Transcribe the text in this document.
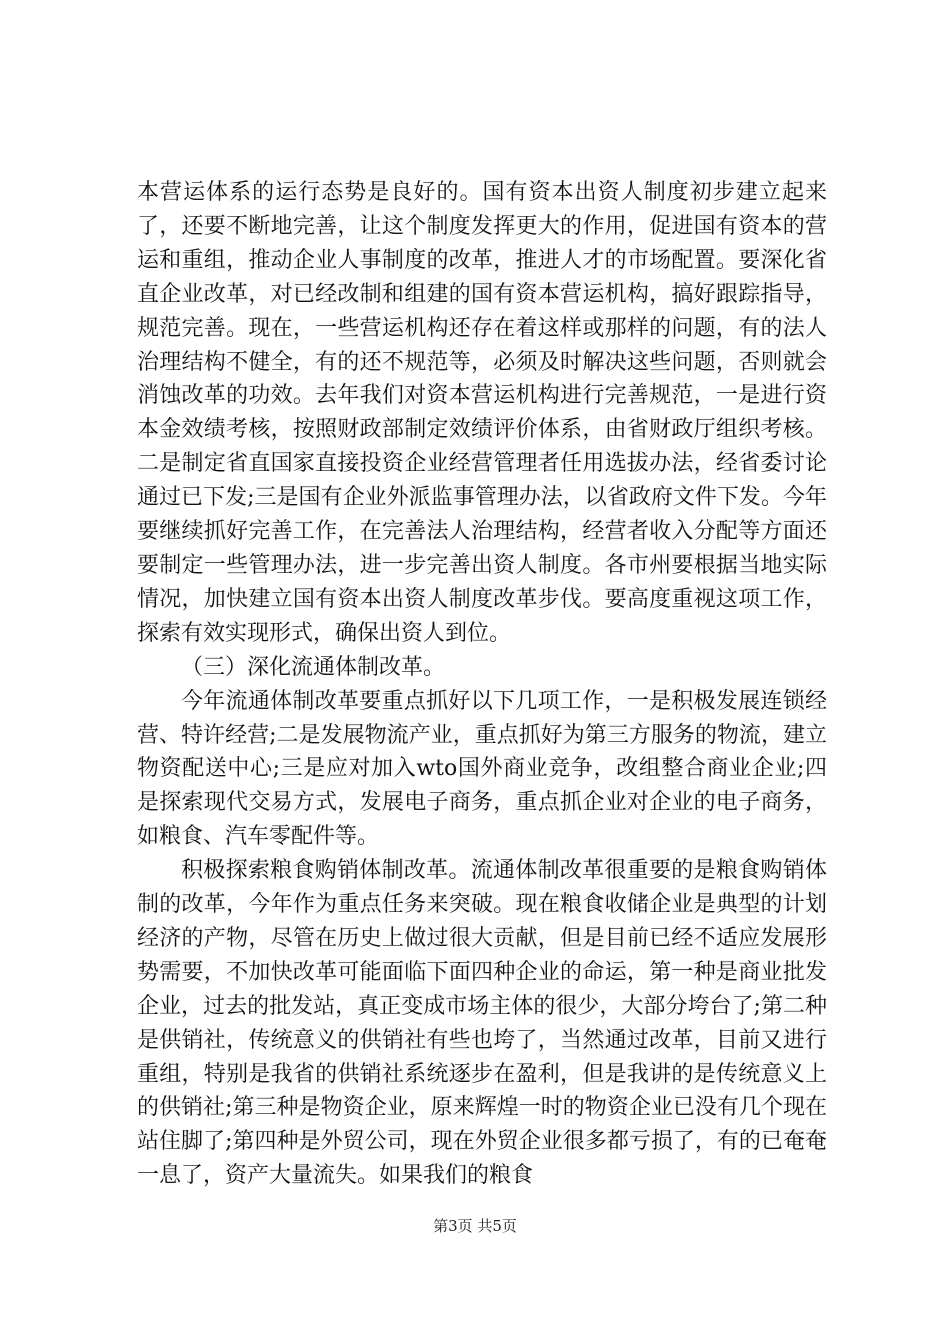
本营运体系的运行态势是良好的。国有资本出资人制度初步建立起来了，还要不断地完善，让这个制度发挥更大的作用，促进国有资本的营运和重组，推动企业人事制度的改革，推进人才的市场配置。要深化省直企业改革，对已经改制和组建的国有资本营运机构，搞好跟踪指导，规范完善。现在，一些营运机构还存在着这样或那样的问题，有的法人治理结构不健全，有的还不规范等，必须及时解决这些问题，否则就会消蚀改革的功效。去年我们对资本营运机构进行完善规范，一是进行资本金效绩考核，按照财政部制定效绩评价体系，由省财政厅组织考核。二是制定省直国家直接投资企业经营管理者任用选拔办法，经省委讨论通过已下发;三是国有企业外派监事管理办法，以省政府文件下发。今年要继续抓好完善工作，在完善法人治理结构，经营者收入分配等方面还要制定一些管理办法，进一步完善出资人制度。各市州要根据当地实际情况，加快建立国有资本出资人制度改革步伐。要高度重视这项工作，探索有效实现形式，确保出资人到位。

（三）深化流通体制改革。

今年流通体制改革要重点抓好以下几项工作，一是积极发展连锁经营、特许经营;二是发展物流产业，重点抓好为第三方服务的物流，建立物资配送中心;三是应对加入wto国外商业竞争，改组整合商业企业;四是探索现代交易方式，发展电子商务，重点抓企业对企业的电子商务，如粮食、汽车零配件等。

积极探索粮食购销体制改革。流通体制改革很重要的是粮食购销体制的改革，今年作为重点任务来突破。现在粮食收储企业是典型的计划经济的产物，尽管在历史上做过很大贡献，但是目前已经不适应发展形势需要，不加快改革可能面临下面四种企业的命运，第一种是商业批发企业，过去的批发站，真正变成市场主体的很少，大部分垮台了;第二种是供销社，传统意义的供销社有些也垮了，当然通过改革，目前又进行重组，特别是我省的供销社系统逐步在盈利，但是我讲的是传统意义上的供销社;第三种是物资企业，原来辉煌一时的物资企业已没有几个现在站住脚了;第四种是外贸公司，现在外贸企业很多都亏损了，有的已奄奄一息了，资产大量流失。如果我们的粮食

第3页 共5页
